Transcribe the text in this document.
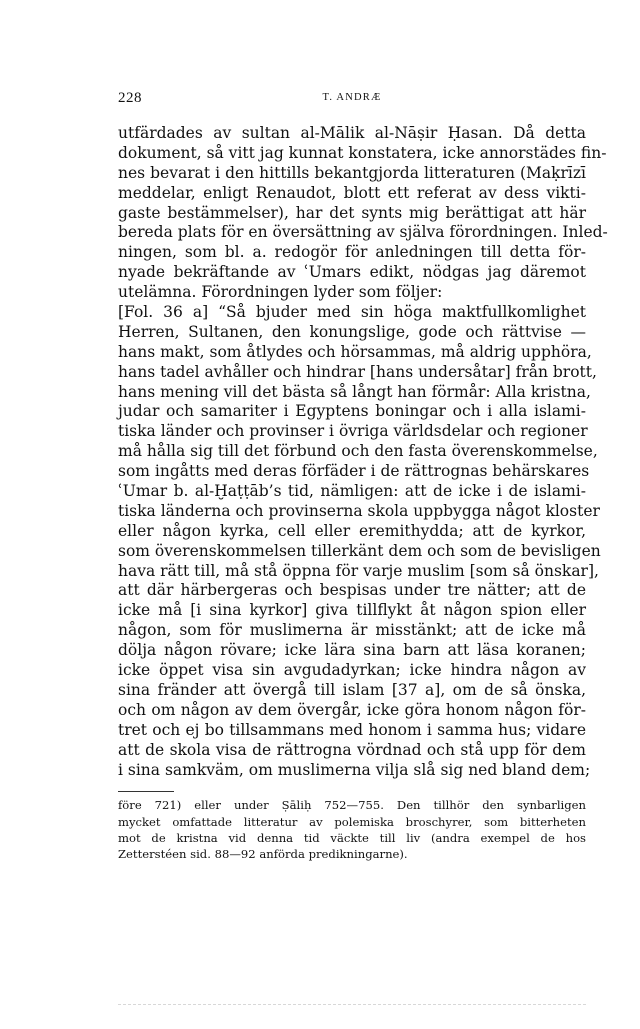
228	T. ANDRÆ
utfärdades av sultan al-Mālik al-Nāṣir Ḥasan. Då detta
dokument, så vitt jag kunnat konstatera, icke annorstädes fin-
nes bevarat i den hittills bekantgjorda litteraturen (Maḳrīzī
meddelar, enligt Renaudot, blott ett referat av dess vikti-
gaste bestämmelser), har det synts mig berättigat att här
bereda plats för en översättning av själva förordningen. Inled-
ningen, som bl. a. redogör för anledningen till detta för-
nyade bekräftande av ʿUmars edikt, nödgas jag däremot
utelämna. Förordningen lyder som följer:
[Fol. 36 a] “Så bjuder med sin höga maktfullkomlighet
Herren, Sultanen, den konungslige, gode och rättvise —
hans makt, som åtlydes och hörsammas, må aldrig upphöra,
hans tadel avhåller och hindrar [hans undersåtar] från brott,
hans mening vill det bästa så långt han förmår: Alla kristna,
judar och samariter i Egyptens boningar och i alla islami-
tiska länder och provinser i övriga världsdelar och regioner
må hålla sig till det förbund och den fasta överenskommelse,
som ingåtts med deras förfäder i de rättrognas behärskares
ʿUmar b. al-Ḫaṭṭāb’s tid, nämligen: att de icke i de islami-
tiska länderna och provinserna skola uppbygga något kloster
eller någon kyrka, cell eller eremithydda; att de kyrkor,
som överenskommelsen tillerkänt dem och som de bevisligen
hava rätt till, må stå öppna för varje muslim [som så önskar],
att där härbergeras och bespisas under tre nätter; att de
icke må [i sina kyrkor] giva tillflykt åt någon spion eller
någon, som för muslimerna är misstänkt; att de icke må
dölja någon rövare; icke lära sina barn att läsa koranen;
icke öppet visa sin avgudadyrkan; icke hindra någon av
sina fränder att övergå till islam [37 a], om de så önska,
och om någon av dem övergår, icke göra honom någon för-
tret och ej bo tillsammans med honom i samma hus; vidare
att de skola visa de rättrogna vördnad och stå upp för dem
i sina samkväm, om muslimerna vilja slå sig ned bland dem;
före 721) eller under Ṣāliḥ 752—755. Den tillhör den synbarligen
mycket omfattade litteratur av polemiska broschyrer, som bitterheten
mot de kristna vid denna tid väckte till liv (andra exempel de hos
Zetterstéen sid. 88—92 anförda predikningarne).
